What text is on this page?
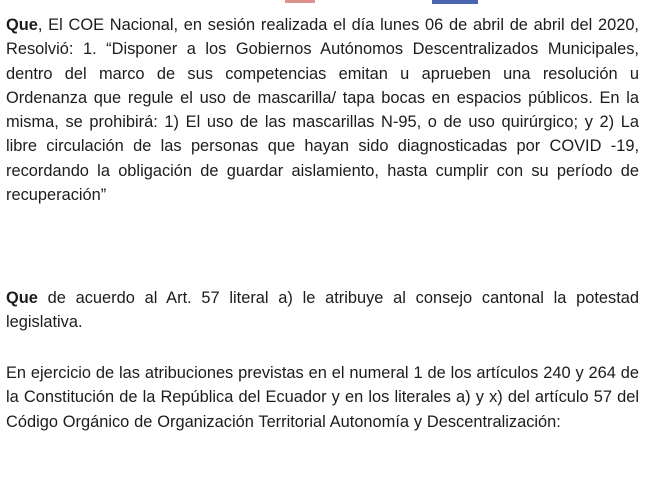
Que, El COE Nacional, en sesión realizada el día lunes 06 de abril de abril del 2020, Resolvió: 1. “Disponer a los Gobiernos Autónomos Descentralizados Municipales, dentro del marco de sus competencias emitan u aprueben una resolución u Ordenanza que regule el uso de mascarilla/ tapa bocas en espacios públicos. En la misma, se prohibirá: 1) El uso de las mascarillas N-95, o de uso quirúrgico; y 2) La libre circulación de las personas que hayan sido diagnosticadas por COVID -19, recordando la obligación de guardar aislamiento, hasta cumplir con su período de recuperación”

Que de acuerdo al Art. 57 literal a) le atribuye al consejo cantonal la potestad legislativa.

En ejercicio de las atribuciones previstas en el numeral 1 de los artículos 240 y 264 de la Constitución de la República del Ecuador y en los literales a) y x) del artículo 57 del Código Orgánico de Organización Territorial Autonomía y Descentralización:
